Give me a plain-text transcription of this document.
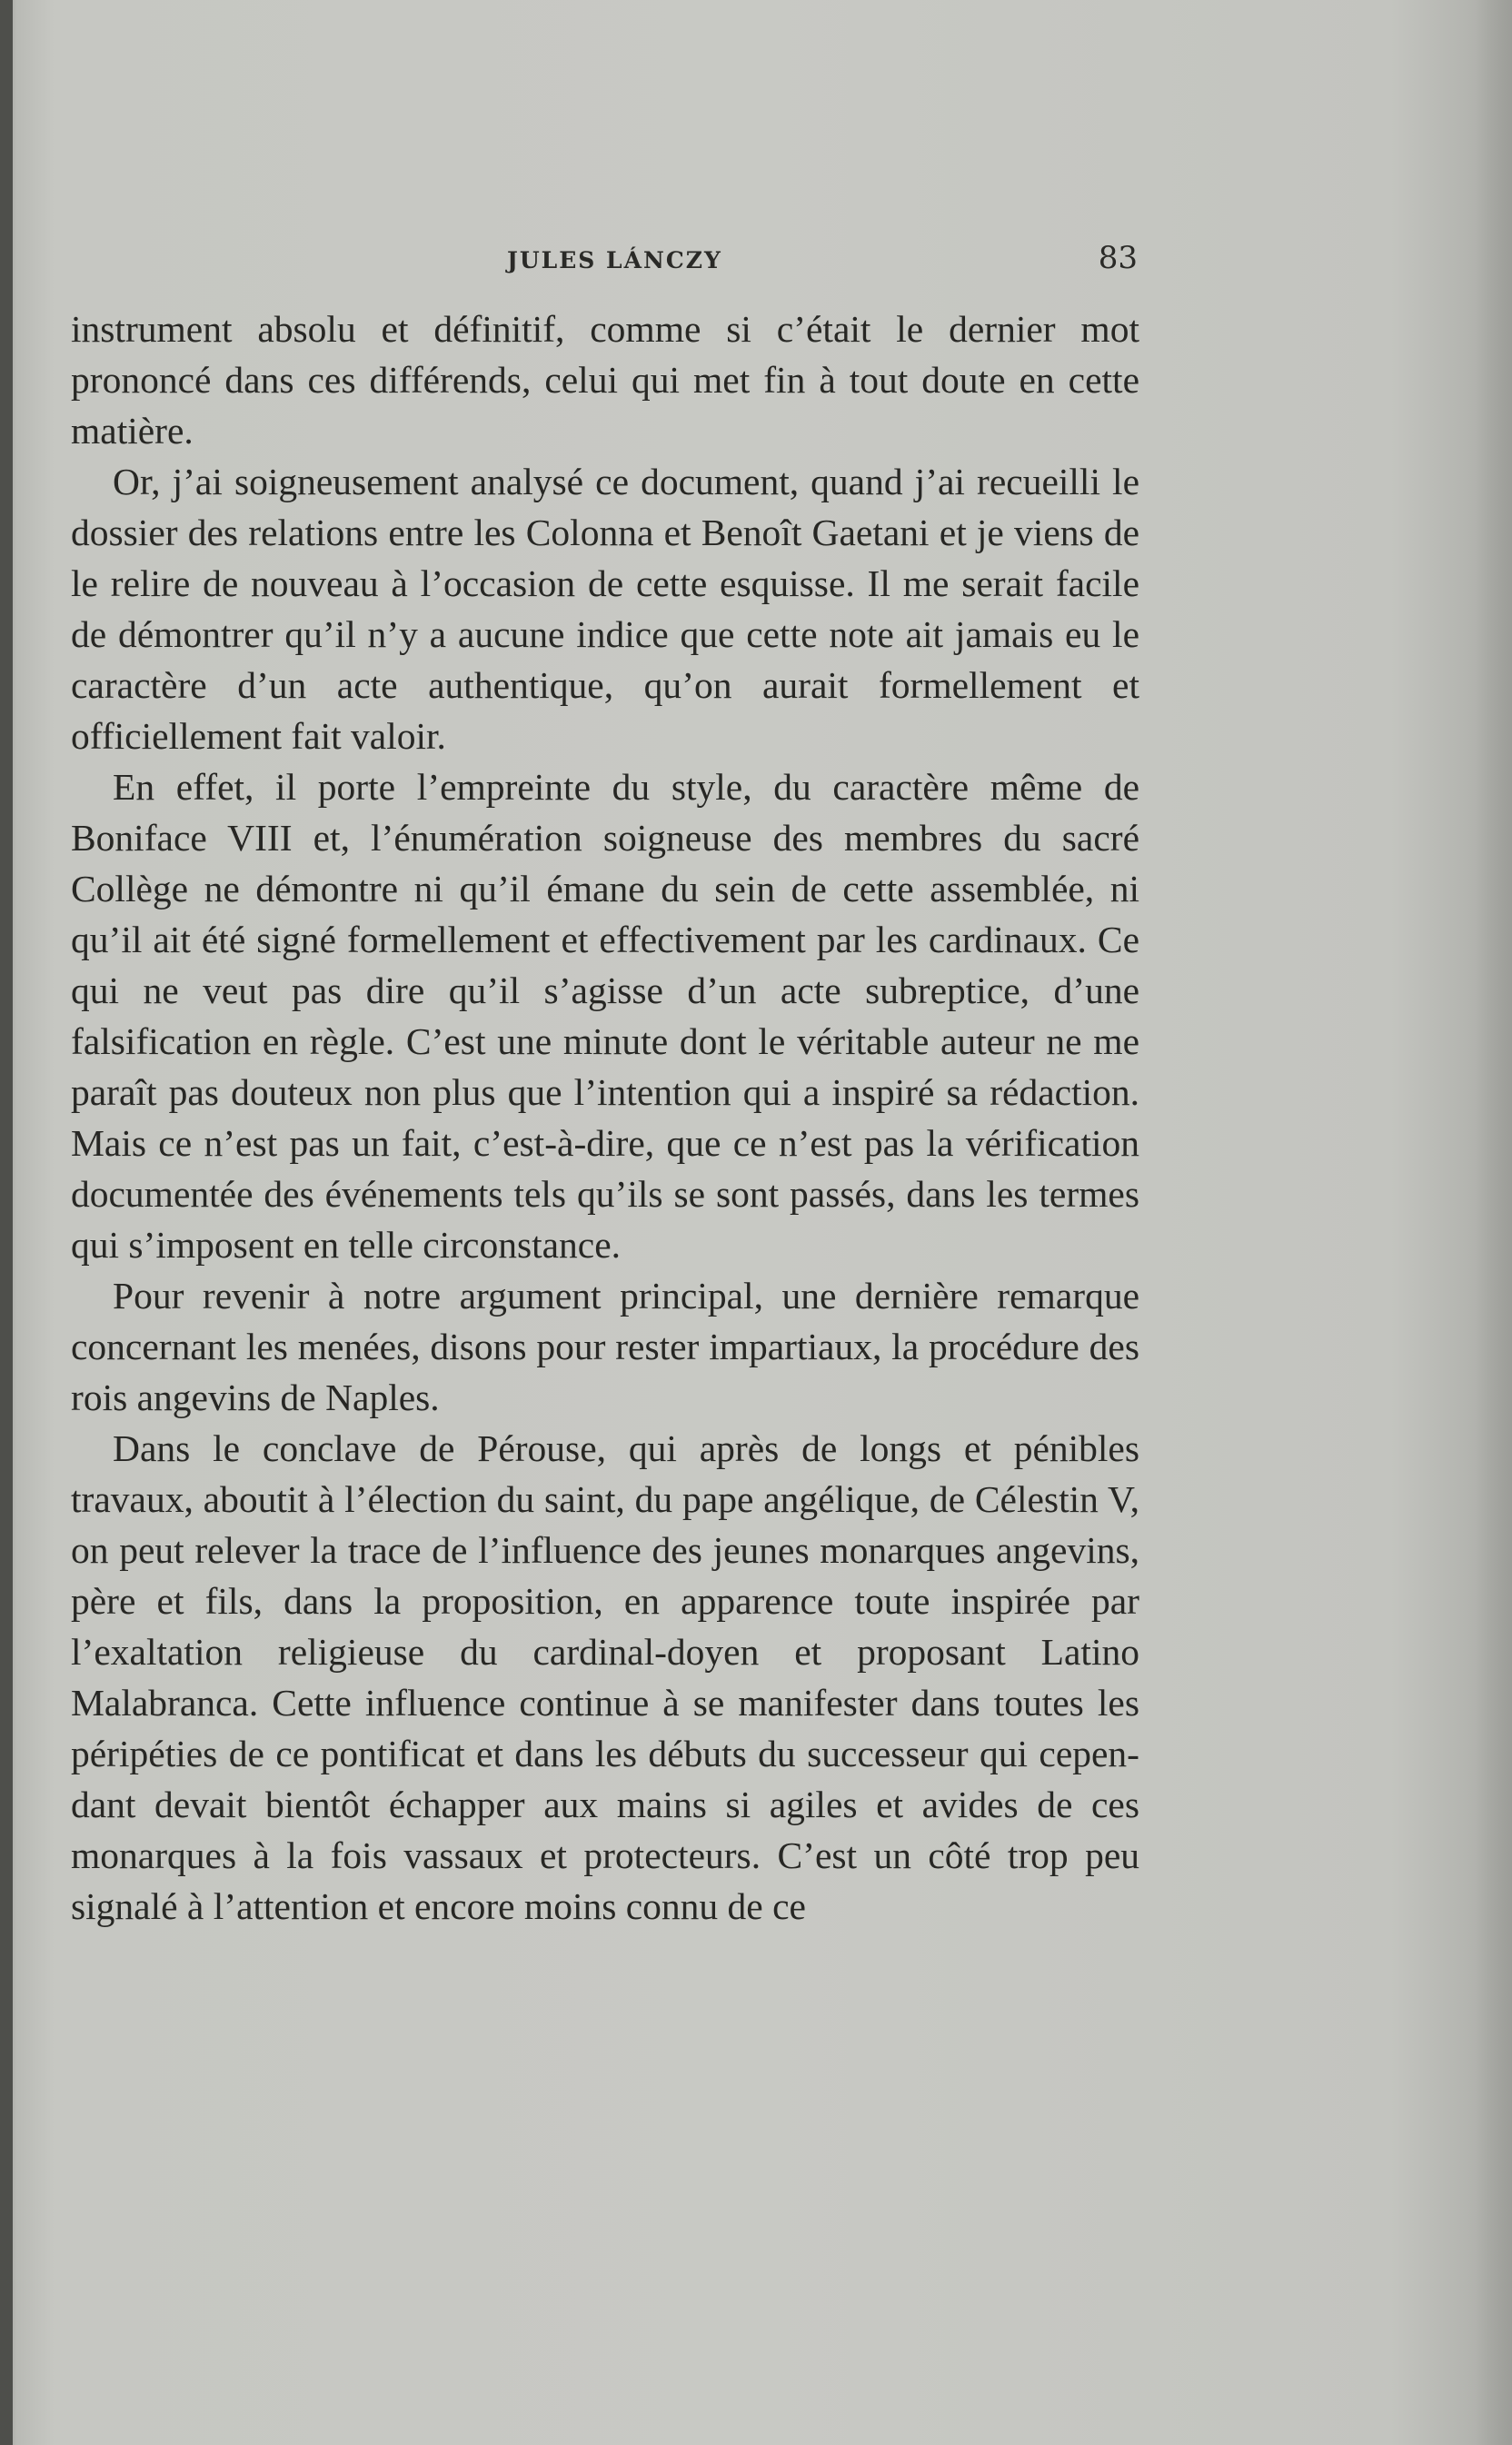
JULES LÁNCZY	83

instrument absolu et définitif, comme si c’était le dernier mot prononcé dans ces différends, celui qui met fin à tout doute en cette matière.

Or, j’ai soigneusement analysé ce document, quand j’ai recueilli le dossier des relations entre les Colonna et Benoît Gaetani et je viens de le relire de nouveau à l’occasion de cette esquisse. Il me serait facile de démontrer qu’il n’y a aucune indice que cette note ait jamais eu le caractère d’un acte authentique, qu’on aurait formellement et officiellement fait valoir.

En effet, il porte l’empreinte du style, du caractère même de Boniface VIII et, l’énumération soigneuse des membres du sacré Collège ne démontre ni qu’il émane du sein de cette assemblée, ni qu’il ait été signé formellement et effectivement par les cardinaux. Ce qui ne veut pas dire qu’il s’agisse d’un acte subreptice, d’une falsification en règle. C’est une minute dont le véritable auteur ne me paraît pas douteux non plus que l’intention qui a inspiré sa rédaction. Mais ce n’est pas un fait, c’est-à-dire, que ce n’est pas la vérification documentée des événements tels qu’ils se sont passés, dans les termes qui s’imposent en telle circonstance.

Pour revenir à notre argument principal, une dernière remarque concernant les menées, disons pour rester impartiaux, la procédure des rois angevins de Naples.

Dans le conclave de Pérouse, qui après de longs et pénibles travaux, aboutit à l’élection du saint, du pape angélique, de Célestin V, on peut relever la trace de l’influence des jeunes monarques angevins, père et fils, dans la proposition, en apparence toute inspirée par l’exaltation religieuse du cardinal-doyen et proposant Latino Malabranca. Cette influence continue à se manifester dans toutes les péripéties de ce pontificat et dans les débuts du successeur qui cependant devait bientôt échapper aux mains si agiles et avides de ces monarques à la fois vassaux et protecteurs. C’est un côté trop peu signalé à l’attention et encore moins connu de ce
